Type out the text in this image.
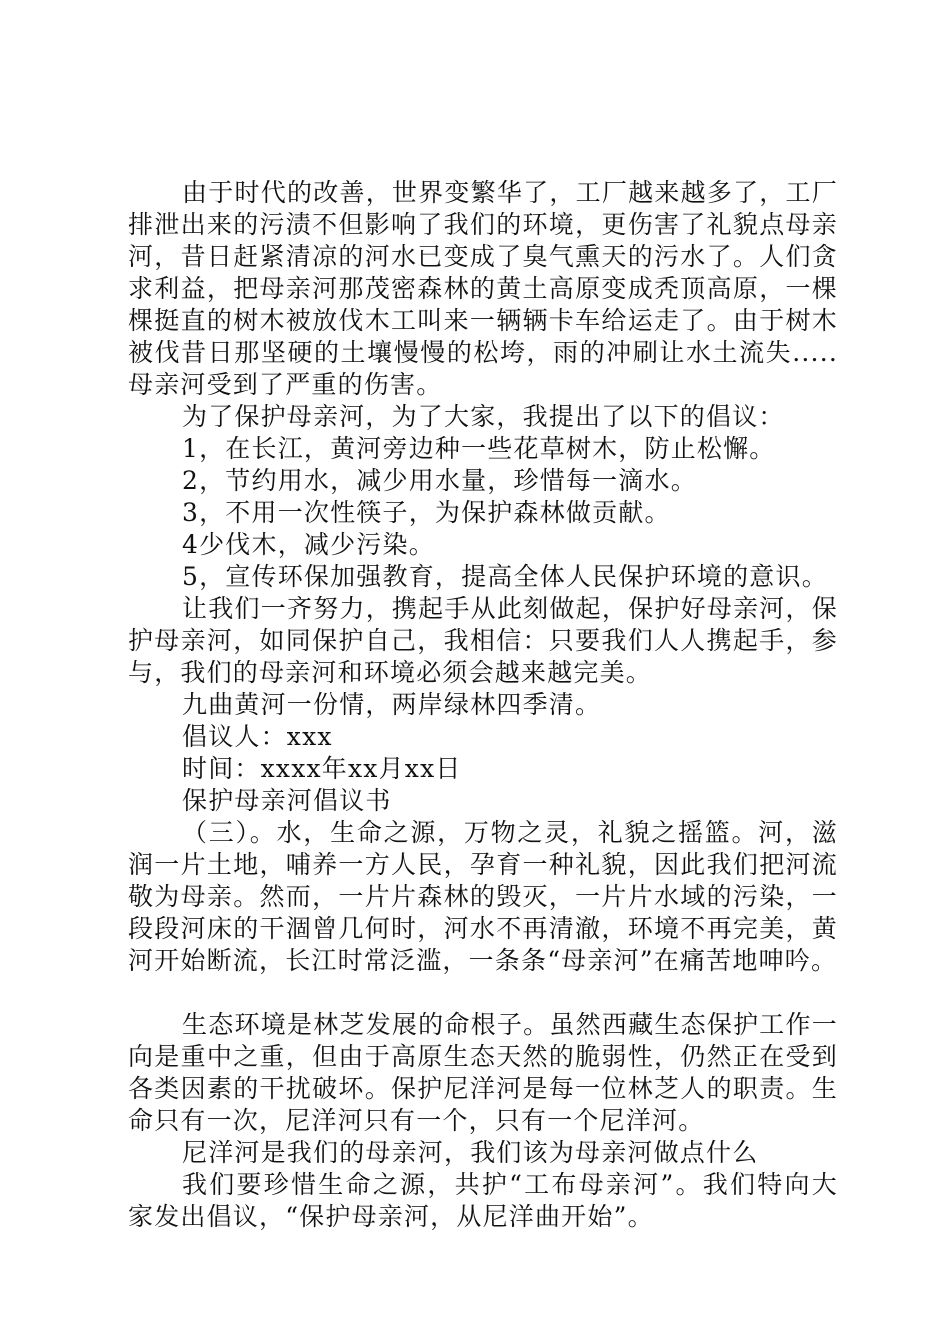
由于时代的改善，世界变繁华了，工厂越来越多了，工厂排泄出来的污渍不但影响了我们的环境，更伤害了礼貌点母亲河，昔日赶紧清凉的河水已变成了臭气熏天的污水了。人们贪求利益，把母亲河那茂密森林的黄土高原变成秃顶高原，一棵棵挺直的树木被放伐木工叫来一辆辆卡车给运走了。由于树木被伐昔日那坚硬的土壤慢慢的松垮，雨的冲刷让水土流失.....母亲河受到了严重的伤害。

为了保护母亲河，为了大家，我提出了以下的倡议：

1，在长江，黄河旁边种一些花草树木，防止松懈。

2，节约用水，减少用水量，珍惜每一滴水。

3，不用一次性筷子，为保护森林做贡献。

4少伐木，减少污染。

5，宣传环保加强教育，提高全体人民保护环境的意识。

让我们一齐努力，携起手从此刻做起，保护好母亲河，保护母亲河，如同保护自己，我相信：只要我们人人携起手，参与，我们的母亲河和环境必须会越来越完美。

九曲黄河一份情，两岸绿林四季清。

倡议人：xxx

时间：xxxx年xx月xx日

保护母亲河倡议书

（三）。水，生命之源，万物之灵，礼貌之摇篮。河，滋润一片土地，哺养一方人民，孕育一种礼貌，因此我们把河流敬为母亲。然而，一片片森林的毁灭，一片片水域的污染，一段段河床的干涸曾几何时，河水不再清澈，环境不再完美，黄河开始断流，长江时常泛滥，一条条“母亲河”在痛苦地呻吟。

生态环境是林芝发展的命根子。虽然西藏生态保护工作一向是重中之重，但由于高原生态天然的脆弱性，仍然正在受到各类因素的干扰破坏。保护尼洋河是每一位林芝人的职责。生命只有一次，尼洋河只有一个，只有一个尼洋河。

尼洋河是我们的母亲河，我们该为母亲河做点什么

我们要珍惜生命之源，共护“工布母亲河”。我们特向大家发出倡议，“保护母亲河，从尼洋曲开始”。
